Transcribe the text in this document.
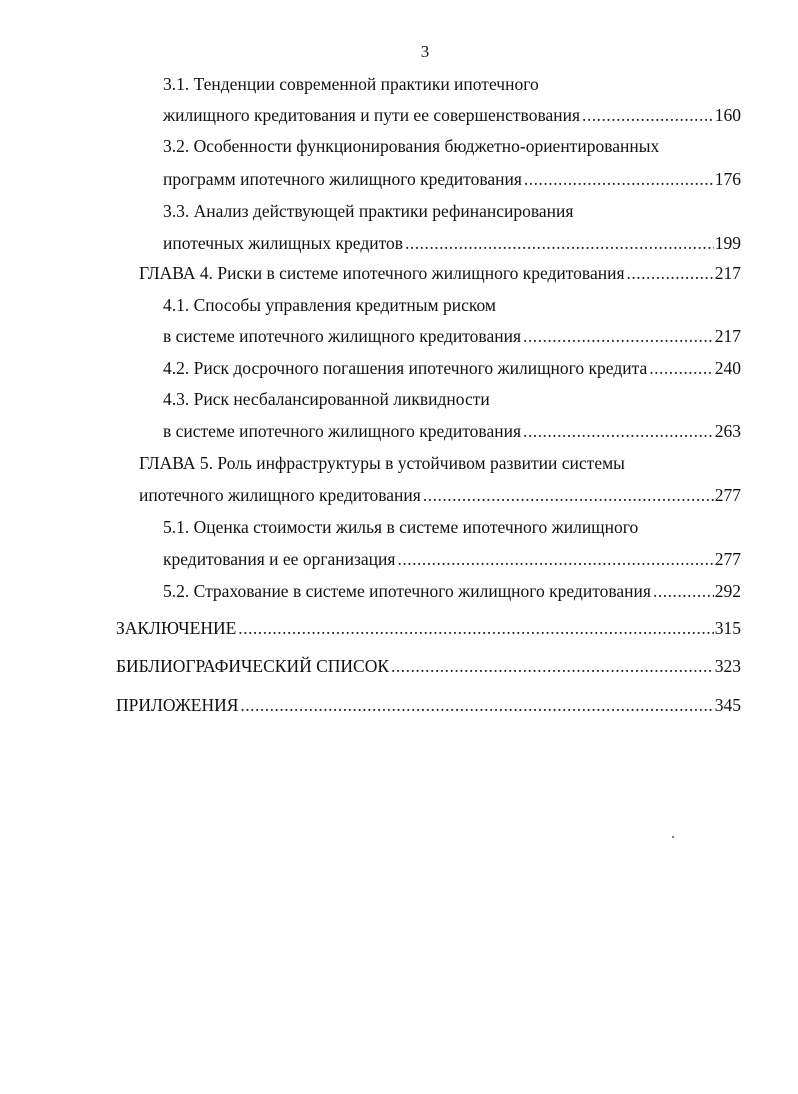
3
3.1. Тенденции современной практики ипотечного
жилищного кредитования и пути ее совершенствования .....	160
3.2. Особенности функционирования бюджетно-ориентированных
программ ипотечного жилищного кредитования .....	176
3.3. Анализ действующей практики рефинансирования
ипотечных жилищных кредитов .....	199
ГЛАВА 4. Риски в системе ипотечного жилищного кредитования .....	217
4.1. Способы управления кредитным риском
в системе ипотечного жилищного кредитования .....	217
4.2. Риск досрочного погашения ипотечного жилищного кредита .....	240
4.3. Риск несбалансированной ликвидности
в системе ипотечного жилищного кредитования .....	263
ГЛАВА 5. Роль инфраструктуры в устойчивом развитии системы
ипотечного жилищного кредитования .....	277
5.1. Оценка стоимости жилья в системе ипотечного жилищного
кредитования и ее организация .....	277
5.2. Страхование в системе ипотечного жилищного кредитования .....	292
ЗАКЛЮЧЕНИЕ .....	315
БИБЛИОГРАФИЧЕСКИЙ СПИСОК .....	323
ПРИЛОЖЕНИЯ .....	345
